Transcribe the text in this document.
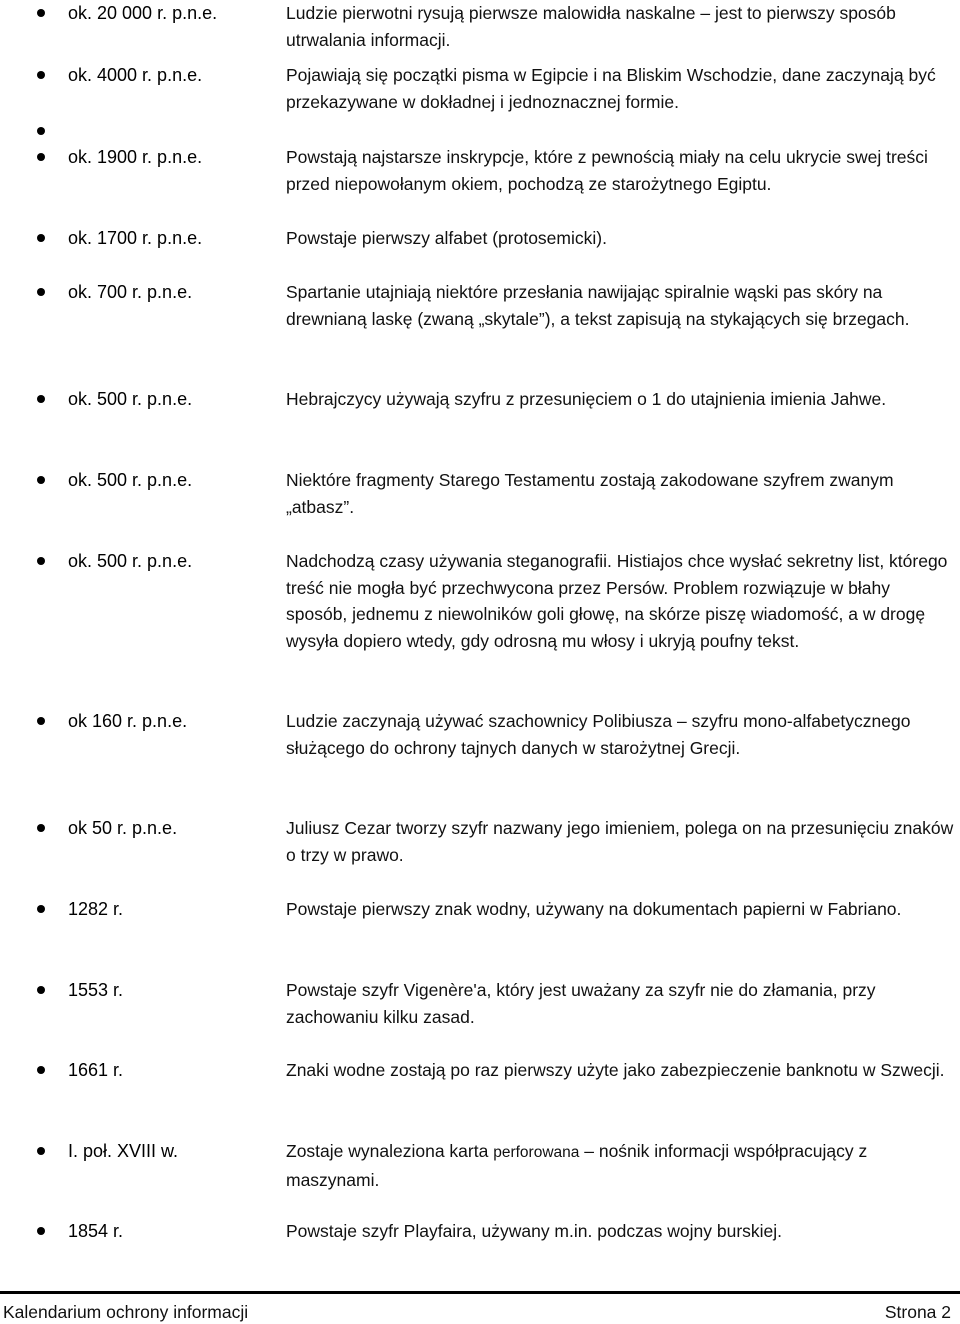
ok. 20 000 r. p.n.e.	Ludzie pierwotni rysują pierwsze malowidła naskalne – jest to pierwszy sposób utrwalania informacji.
ok. 4000 r. p.n.e.	Pojawiają się początki pisma w Egipcie i na Bliskim Wschodzie, dane zaczynają być przekazywane w dokładnej i jednoznacznej formie.
ok. 1900 r. p.n.e.	Powstają najstarsze inskrypcje, które z pewnością miały na celu ukrycie swej treści przed niepowołanym okiem, pochodzą ze starożytnego Egiptu.
ok. 1700 r. p.n.e.	Powstaje pierwszy alfabet (protosemicki).
ok. 700 r. p.n.e.	Spartanie utajniają niektóre przesłania nawijając spiralnie wąski pas skóry na drewnianą laskę (zwaną „skytale”), a tekst zapisują na stykających się brzegach.
ok. 500 r. p.n.e.	Hebrajczycy używają szyfru z przesunięciem o 1 do utajnienia imienia Jahwe.
ok. 500 r. p.n.e.	Niektóre fragmenty Starego Testamentu zostają zakodowane szyfrem zwanym „atbasz”.
ok. 500 r. p.n.e.	Nadchodzą czasy używania steganografii. Histiajos chce wysłać sekretny list, którego treść nie mogła być przechwycona przez Persów. Problem rozwiązuje w błahy sposób, jednemu z niewolników goli głowę, na skórze piszę wiadomość, a w drogę wysyła dopiero wtedy, gdy odrosną mu włosy i ukryją poufny tekst.
ok 160 r. p.n.e.	Ludzie zaczynają używać szachownicy Polibiusza – szyfru mono-alfabetycznego służącego do ochrony tajnych danych w starożytnej Grecji.
ok 50 r. p.n.e.	Juliusz Cezar tworzy szyfr nazwany jego imieniem, polega on na przesunięciu znaków o trzy w prawo.
1282 r.	Powstaje pierwszy znak wodny, używany na dokumentach papierni w Fabriano.
1553 r.	Powstaje szyfr Vigenère'a, który jest uważany za szyfr nie do złamania, przy zachowaniu kilku zasad.
1661 r.	Znaki wodne zostają po raz pierwszy użyte jako zabezpieczenie banknotu w Szwecji.
I. poł. XVIII w.	Zostaje wynaleziona karta perforowana – nośnik informacji współpracujący z maszynami.
1854 r.	Powstaje szyfr Playfaira, używany m.in. podczas wojny burskiej.
Kalendarium ochrony informacji	Strona 2
